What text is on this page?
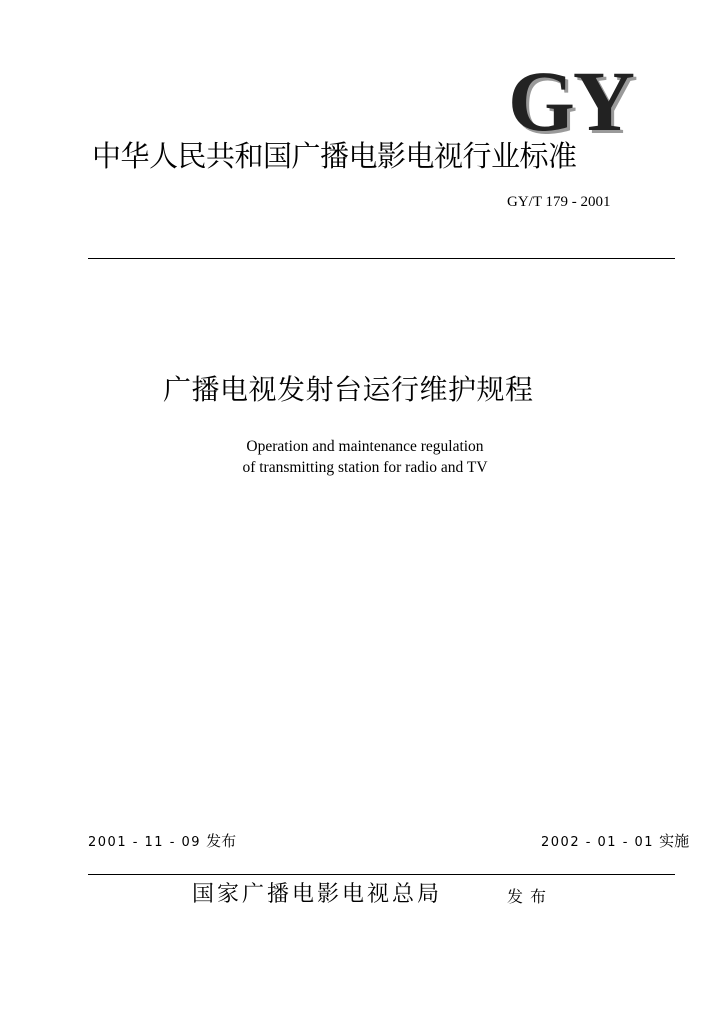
GY
中华人民共和国广播电影电视行业标准
GY/T 179 - 2001
广播电视发射台运行维护规程
Operation and maintenance regulation
of transmitting station for radio and TV
2001 - 11 - 09 发布	2002 - 01 - 01 实施
国家广播电影电视总局	发布
